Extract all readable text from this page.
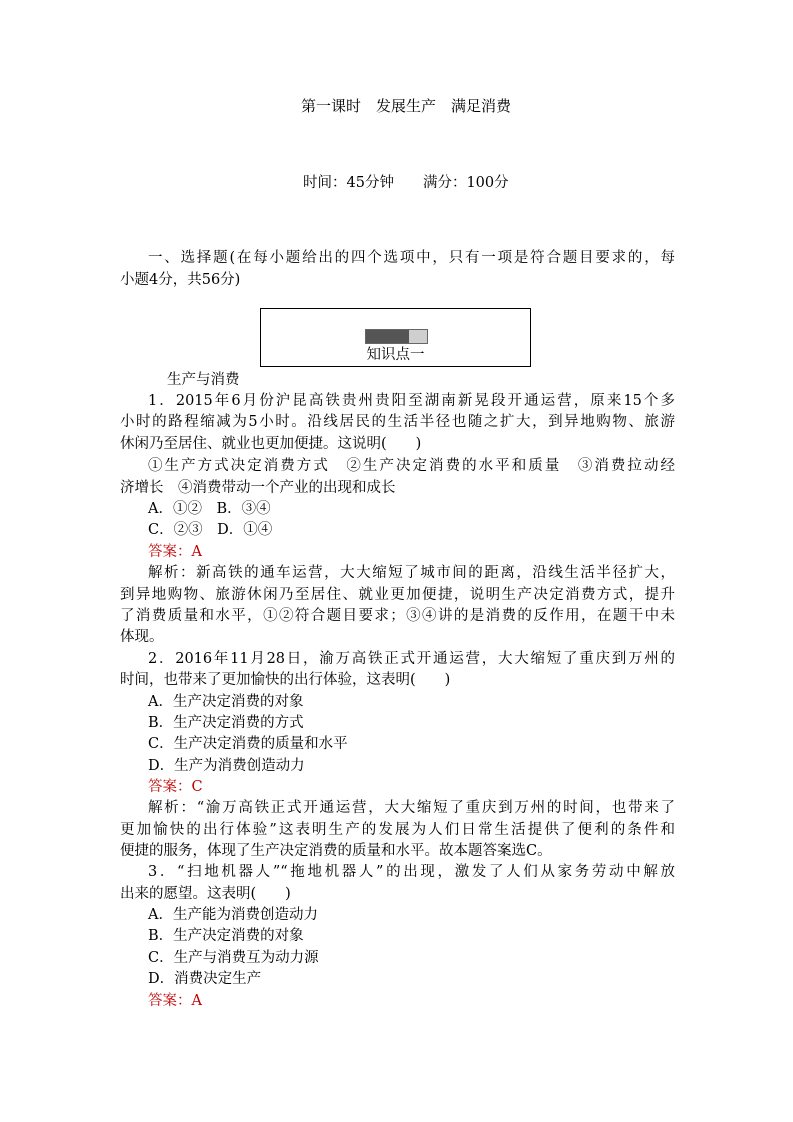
第一课时　发展生产　满足消费
时间：45分钟　　满分：100分
一、选择题(在每小题给出的四个选项中，只有一项是符合题目要求的，每
小题4分，共56分)
知识点一
生产与消费
1．2015年6月份沪昆高铁贵州贵阳至湖南新晃段开通运营，原来15个多
小时的路程缩减为5小时。沿线居民的生活半径也随之扩大，到异地购物、旅游
休闲乃至居住、就业也更加便捷。这说明(　　)
①生产方式决定消费方式　②生产决定消费的水平和质量　③消费拉动经
济增长　④消费带动一个产业的出现和成长
A．①②　B．③④
C．②③　D．①④
答案：A
解析：新高铁的通车运营，大大缩短了城市间的距离，沿线生活半径扩大，
到异地购物、旅游休闲乃至居住、就业更加便捷，说明生产决定消费方式，提升
了消费质量和水平，①②符合题目要求；③④讲的是消费的反作用，在题干中未
体现。
2．2016年11月28日，渝万高铁正式开通运营，大大缩短了重庆到万州的
时间，也带来了更加愉快的出行体验，这表明(　　)
A．生产决定消费的对象
B．生产决定消费的方式
C．生产决定消费的质量和水平
D．生产为消费创造动力
答案：C
解析：“渝万高铁正式开通运营，大大缩短了重庆到万州的时间，也带来了
更加愉快的出行体验”这表明生产的发展为人们日常生活提供了便利的条件和
便捷的服务，体现了生产决定消费的质量和水平。故本题答案选C。
3．“扫地机器人”“拖地机器人”的出现，激发了人们从家务劳动中解放
出来的愿望。这表明(　　)
A．生产能为消费创造动力
B．生产决定消费的对象
C．生产与消费互为动力源
D．消费决定生产
答案：A
